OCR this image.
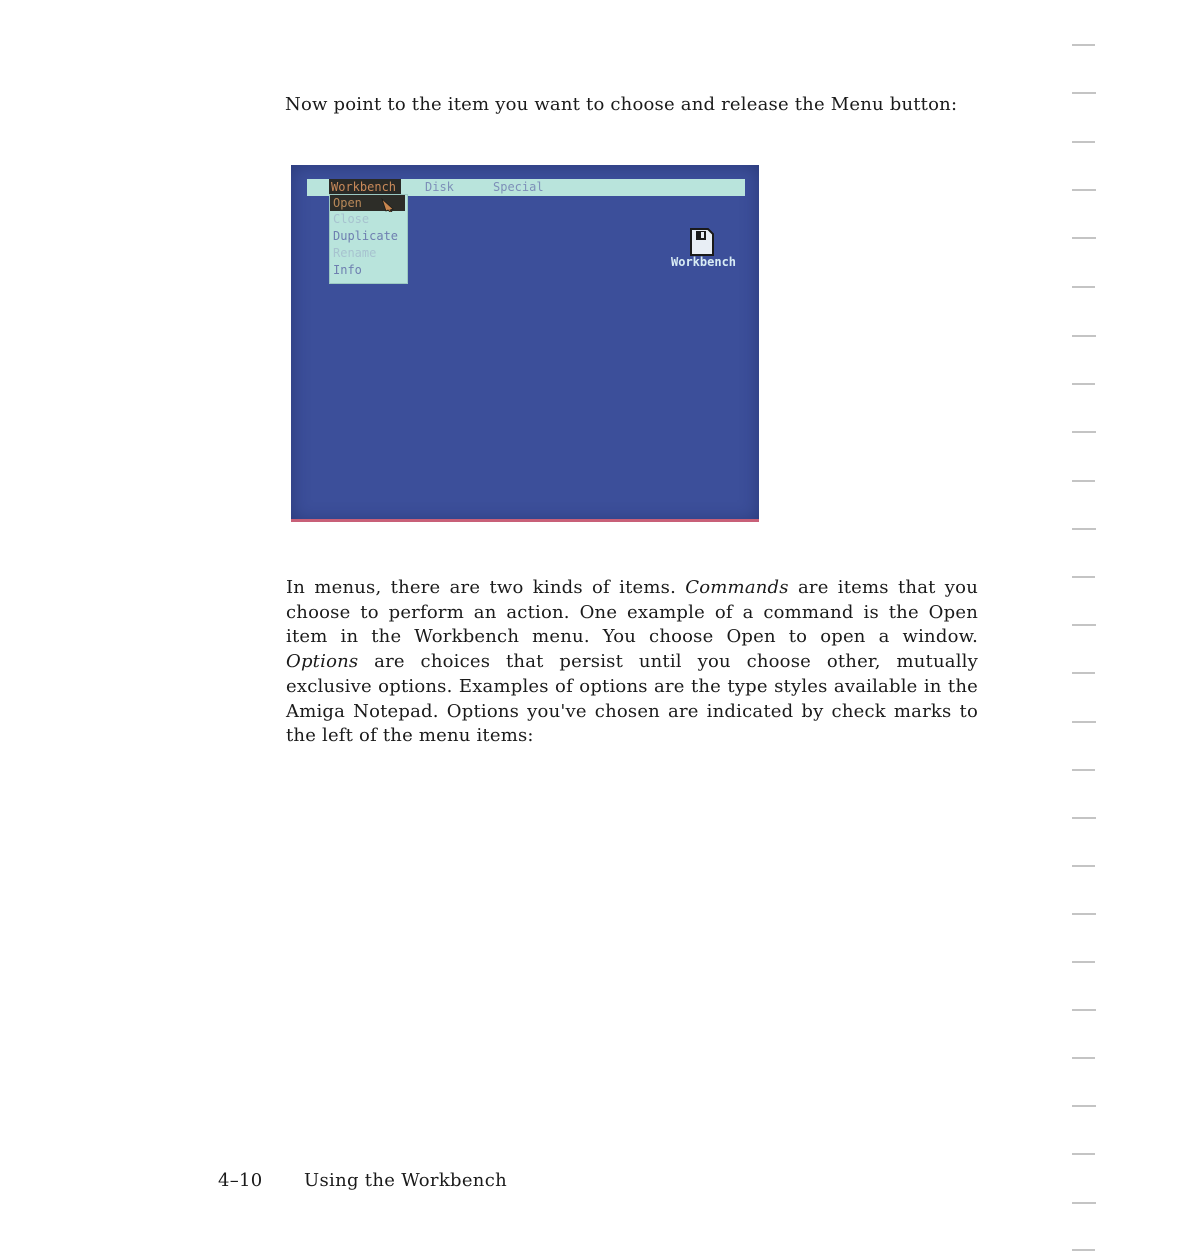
Now point to the item you want to choose and release the Menu button:

Workbench	Disk	Special
Open
Close
Duplicate
Rename
Info
Workbench

In menus, there are two kinds of items. Commands are items that you choose to perform an action. One example of a command is the Open item in the Workbench menu. You choose Open to open a window. Options are choices that persist until you choose other, mutually exclusive options. Examples of options are the type styles available in the Amiga Notepad. Options you've chosen are indicated by check marks to the left of the menu items:

4–10 Using the Workbench
